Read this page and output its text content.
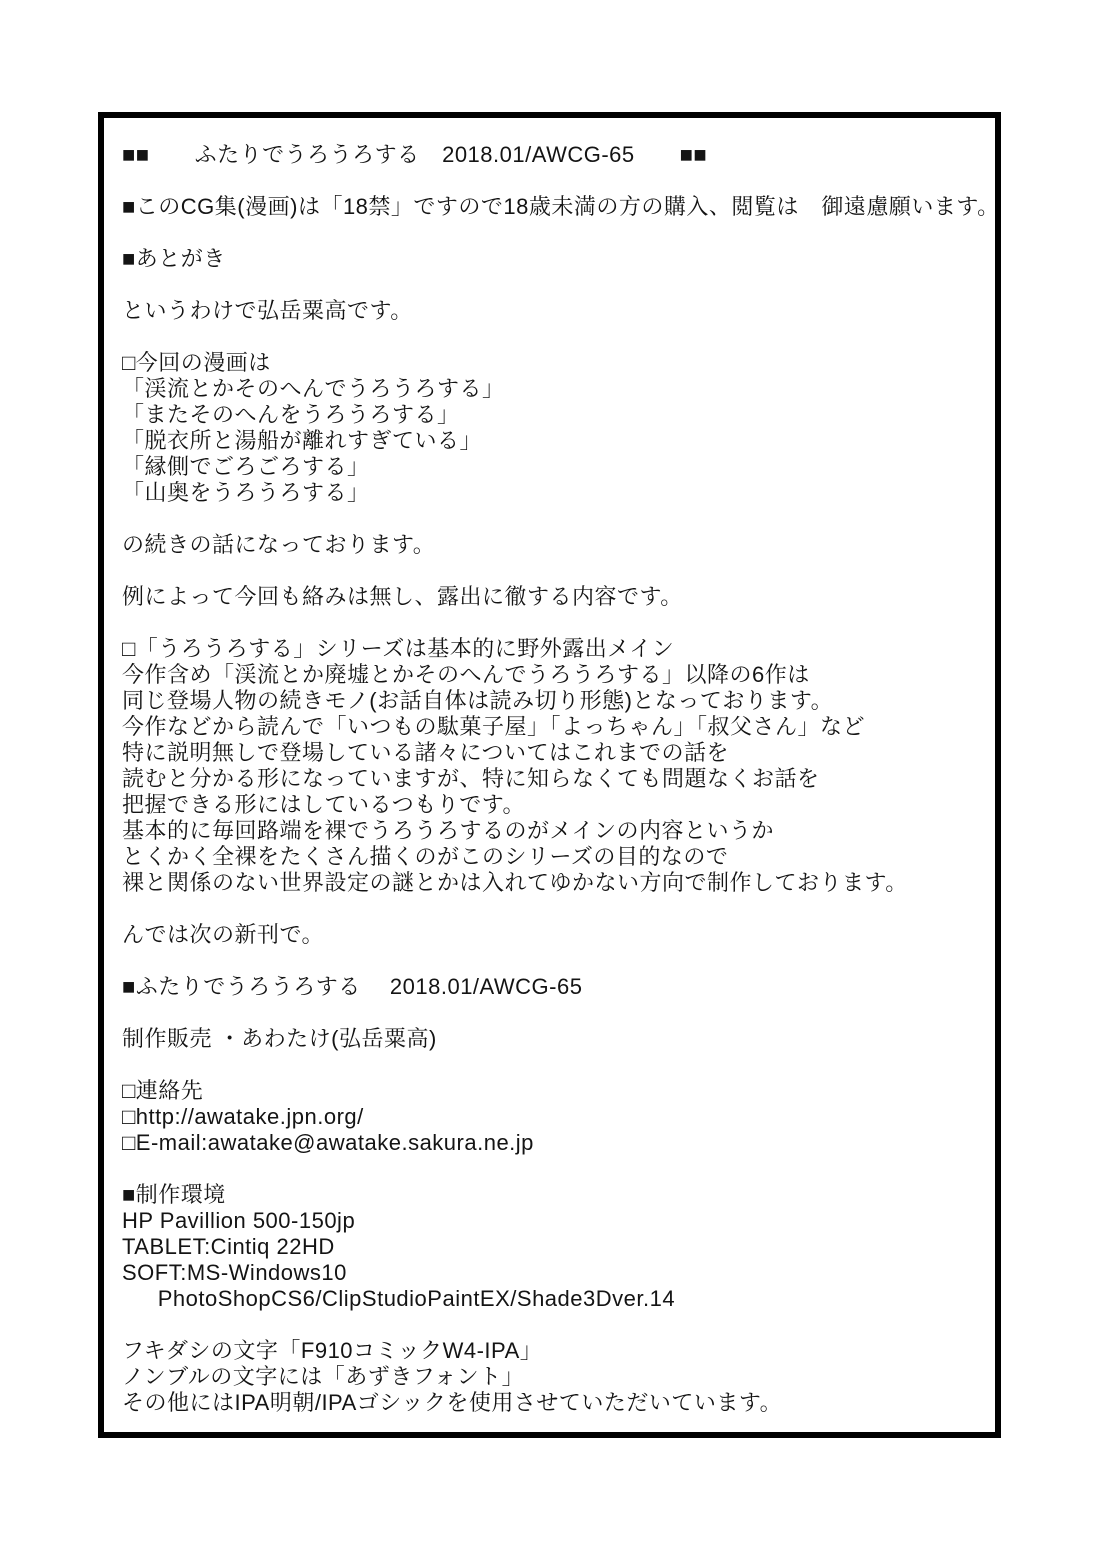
■■　　ふたりでうろうろする　2018.01/AWCG-65　　■■
■このCG集(漫画)は「18禁」ですので18歳未満の方の購入、閲覧は　御遠慮願います。
■あとがき
というわけで弘岳粟高です。
□今回の漫画は
「渓流とかそのへんでうろうろする」
「またそのへんをうろうろする」
「脱衣所と湯船が離れすぎている」
「縁側でごろごろする」
「山奥をうろうろする」
の続きの話になっております。
例によって今回も絡みは無し、露出に徹する内容です。
□「うろうろする」シリーズは基本的に野外露出メイン
今作含め「渓流とか廃墟とかそのへんでうろうろする」以降の6作は
同じ登場人物の続きモノ(お話自体は読み切り形態)となっております。
今作などから読んで「いつもの駄菓子屋」「よっちゃん」「叔父さん」など
特に説明無しで登場している諸々についてはこれまでの話を
読むと分かる形になっていますが、特に知らなくても問題なくお話を
把握できる形にはしているつもりです。
基本的に毎回路端を裸でうろうろするのがメインの内容というか
とくかく全裸をたくさん描くのがこのシリーズの目的なので
裸と関係のない世界設定の謎とかは入れてゆかない方向で制作しております。
んでは次の新刊で。
■ふたりでうろうろする　 2018.01/AWCG-65
制作販売 ・あわたけ(弘岳粟高)
□連絡先
□http://awatake.jpn.org/
□E-mail:awatake@awatake.sakura.ne.jp
■制作環境
HP Pavillion 500-150jp
TABLET:Cintiq 22HD
SOFT:MS-Windows10
　  PhotoShopCS6/ClipStudioPaintEX/Shade3Dver.14
フキダシの文字「F910コミックW4-IPA」
ノンブルの文字には「あずきフォント」
その他にはIPA明朝/IPAゴシックを使用させていただいています。
